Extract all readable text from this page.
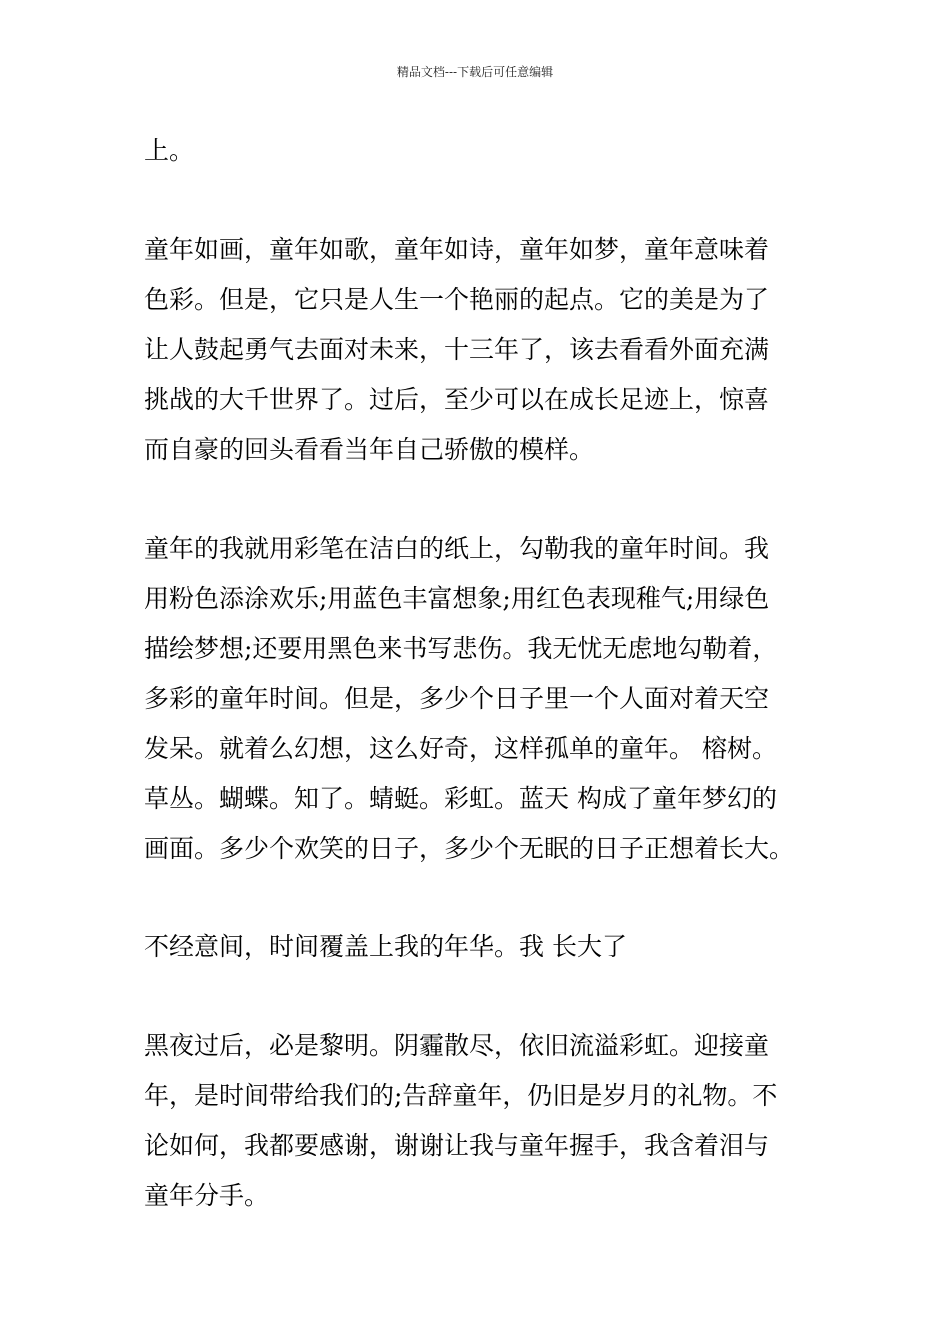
精品文档---下载后可任意编辑
上。
童年如画，童年如歌，童年如诗，童年如梦，童年意味着
色彩。但是，它只是人生一个艳丽的起点。它的美是为了
让人鼓起勇气去面对未来，十三年了，该去看看外面充满
挑战的大千世界了。过后，至少可以在成长足迹上，惊喜
而自豪的回头看看当年自己骄傲的模样。
童年的我就用彩笔在洁白的纸上，勾勒我的童年时间。我
用粉色添涂欢乐;用蓝色丰富想象;用红色表现稚气;用绿色
描绘梦想;还要用黑色来书写悲伤。我无忧无虑地勾勒着，
多彩的童年时间。但是，多少个日子里一个人面对着天空
发呆。就着么幻想，这么好奇，这样孤单的童年。 榕树。
草丛。蝴蝶。知了。蜻蜓。彩虹。蓝天 构成了童年梦幻的
画面。多少个欢笑的日子，多少个无眠的日子正想着长大。
不经意间，时间覆盖上我的年华。我 长大了
黑夜过后，必是黎明。阴霾散尽，依旧流溢彩虹。迎接童
年，是时间带给我们的;告辞童年，仍旧是岁月的礼物。不
论如何，我都要感谢，谢谢让我与童年握手，我含着泪与
童年分手。
